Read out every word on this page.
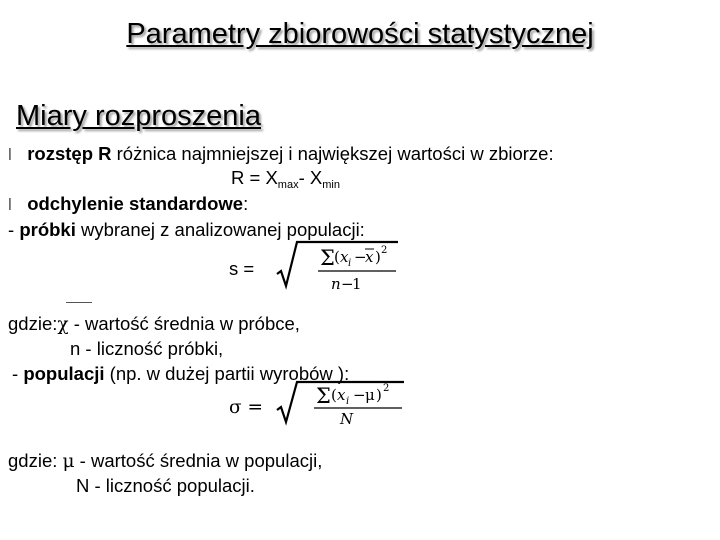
Parametry zbiorowości statystycznej
Miary rozproszenia
l rozstęp R różnica najmniejszej i największej wartości w zbiorze:
$R = X_{max}-$ $X_{min}$
l odchylenie standardowe:
- próbki wybranej z analizowanej populacji:
s =	Σ ( x i −
x ) 2
n −
1
gdzie:χ - wartość średnia w próbce,
n - liczność próbki,
- populacji (np. w dużej partii wyrobów ):
σ =	Σ ( x i − μ ) 2
N
gdzie: μ - wartość średnia w populacji,
N - liczność populacji.
